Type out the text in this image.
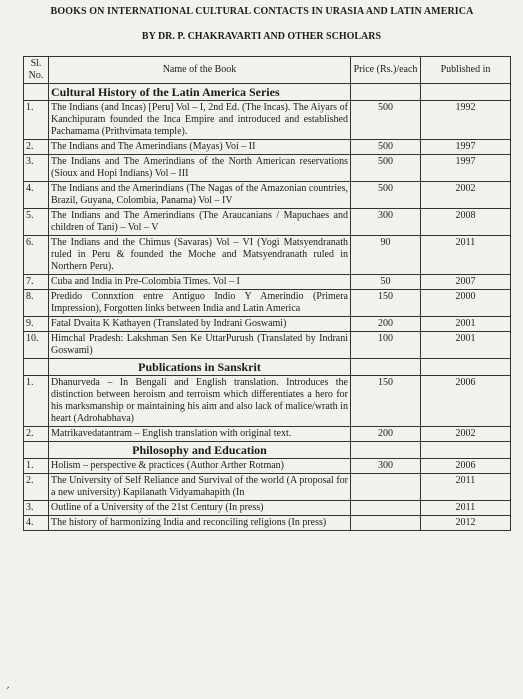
BOOKS ON INTERNATIONAL CULTURAL CONTACTS IN URASIA AND LATIN AMERICA
BY DR. P. CHAKRAVARTI AND OTHER SCHOLARS
Sl. No.	Name of the Book	Price (Rs.)/each	Published in
	Cultural History of the Latin America Series		
1.	The Indians (and Incas) [Peru] Vol – I, 2nd Ed. (The Incas). The Aiyars of Kanchipuram founded the Inca Empire and introduced and established Pachamama (Prithvimata temple).	500	1992
2.	The Indians and The Amerindians (Mayas) Voi – II	500	1997
3.	The Indians and The Amerindians of the North American reservations (Sioux and Hopi Indians) Vol – III	500	1997
4.	The Indians and the Amerindians (The Nagas of the Amazonian countries, Brazil, Guyana, Colombia, Panama) Vol – IV	500	2002
5.	The Indians and The Amerindians (The Araucanians / Mapuchaes and children of Tani) – Vol – V	300	2008
6.	The Indians and the Chimus (Savaras) Vol – VI (Yogi Matsyendranath ruled in Peru & founded the Moche and Matsyendranath ruled in Northern Peru).	90	2011
7.	Cuba and India in Pre-Colombia Times. Vol – I	50	2007
8.	Predido Connxtion entre Antiguo Indio Y Amerindio (Primera Impression), Forgotten links between India and Latin America	150	2000
9.	Fatal Dvaita K Kathayen (Translated by Indrani Goswami)	200	2001
10.	Himchal Pradesh: Lakshman Sen Ke UttarPurush (Translated by Indrani Goswami)	100	2001
	Publications in Sanskrit		
1.	Dhanurveda – In Bengali and English translation. Introduces the distinction between heroism and terroism which differentiates a hero for his marksmanship or maintaining his aim and also lack of malice/wrath in heart (Adrohabhava)	150	2006
2.	Matrikavedatantram – English translation with original text.	200	2002
	Philosophy and Education		
1.	Holism – perspective & practices (Author Arther Rotman)	300	2006
2.	The University of Self Reliance and Survival of the world (A proposal for a new university) Kapilanath Vidyamahapith (In		2011
3.	Outline of a University of the 21st Century (In press)		2011
4.	The history of harmonizing India and reconciling religions (In press)		2012
,
